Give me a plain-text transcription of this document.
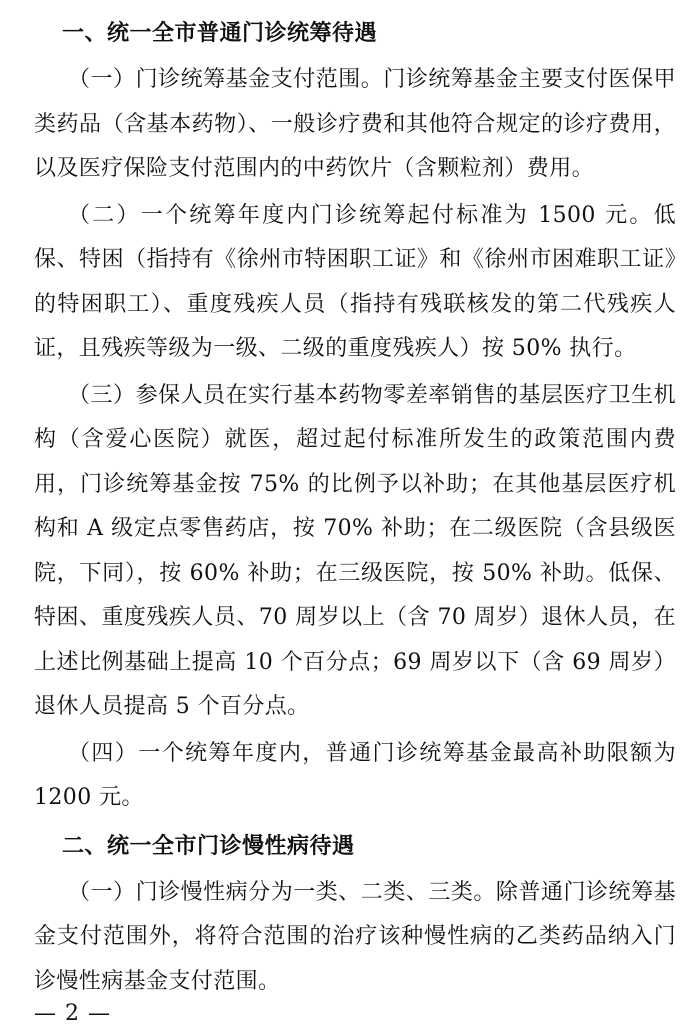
一、统一全市普通门诊统筹待遇

（一）门诊统筹基金支付范围。门诊统筹基金主要支付医保甲类药品（含基本药物）、一般诊疗费和其他符合规定的诊疗费用，以及医疗保险支付范围内的中药饮片（含颗粒剂）费用。

（二）一个统筹年度内门诊统筹起付标准为 1500 元。低保、特困（指持有《徐州市特困职工证》和《徐州市困难职工证》的特困职工）、重度残疾人员（指持有残联核发的第二代残疾人证，且残疾等级为一级、二级的重度残疾人）按 50% 执行。

（三）参保人员在实行基本药物零差率销售的基层医疗卫生机构（含爱心医院）就医，超过起付标准所发生的政策范围内费用，门诊统筹基金按 75% 的比例予以补助；在其他基层医疗机构和 A 级定点零售药店，按 70% 补助；在二级医院（含县级医院，下同），按 60% 补助；在三级医院，按 50% 补助。低保、特困、重度残疾人员、70 周岁以上（含 70 周岁）退休人员，在上述比例基础上提高 10 个百分点；69 周岁以下（含 69 周岁）退休人员提高 5 个百分点。

（四）一个统筹年度内，普通门诊统筹基金最高补助限额为 1200 元。

二、统一全市门诊慢性病待遇

（一）门诊慢性病分为一类、二类、三类。除普通门诊统筹基金支付范围外，将符合范围的治疗该种慢性病的乙类药品纳入门诊慢性病基金支付范围。

— 2 —
